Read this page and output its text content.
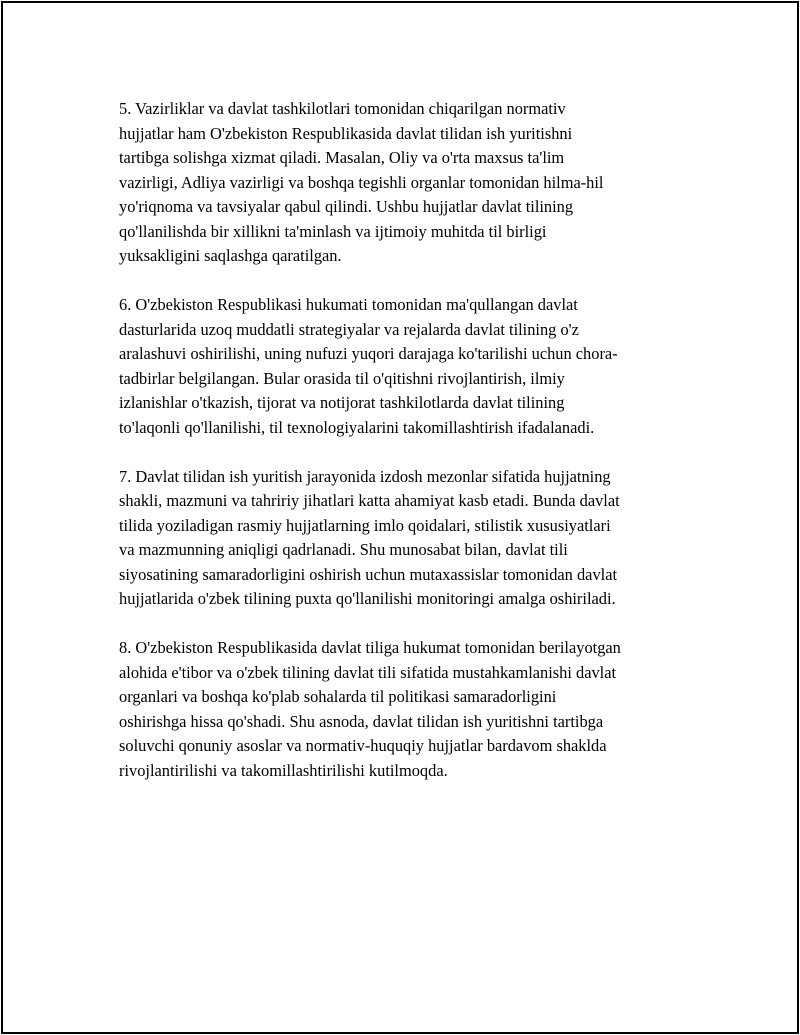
5. Vazirliklar va davlat tashkilotlari tomonidan chiqarilgan normativ
hujjatlar ham O'zbekiston Respublikasida davlat tilidan ish yuritishni
tartibga solishga xizmat qiladi. Masalan, Oliy va o'rta maxsus ta'lim
vazirligi, Adliya vazirligi va boshqa tegishli organlar tomonidan hilma-hil
yo'riqnoma va tavsiyalar qabul qilindi. Ushbu hujjatlar davlat tilining
qo'llanilishda bir xillikni ta'minlash va ijtimoiy muhitda til birligi
yuksakligini saqlashga qaratilgan.

6. O'zbekiston Respublikasi hukumati tomonidan ma'qullangan davlat
dasturlarida uzoq muddatli strategiyalar va rejalarda davlat tilining o'z
aralashuvi oshirilishi, uning nufuzi yuqori darajaga ko'tarilishi uchun chora-
tadbirlar belgilangan. Bular orasida til o'qitishni rivojlantirish, ilmiy
izlanishlar o'tkazish, tijorat va notijorat tashkilotlarda davlat tilining
to'laqonli qo'llanilishi, til texnologiyalarini takomillashtirish ifadalanadi.

7. Davlat tilidan ish yuritish jarayonida izdosh mezonlar sifatida hujjatning
shakli, mazmuni va tahririy jihatlari katta ahamiyat kasb etadi. Bunda davlat
tilida yoziladigan rasmiy hujjatlarning imlo qoidalari, stilistik xususiyatlari
va mazmunning aniqligi qadrlanadi. Shu munosabat bilan, davlat tili
siyosatining samaradorligini oshirish uchun mutaxassislar tomonidan davlat
hujjatlarida o'zbek tilining puxta qo'llanilishi monitoringi amalga oshiriladi.

8. O'zbekiston Respublikasida davlat tiliga hukumat tomonidan berilayotgan
alohida e'tibor va o'zbek tilining davlat tili sifatida mustahkamlanishi davlat
organlari va boshqa ko'plab sohalarda til politikasi samaradorligini
oshirishga hissa qo'shadi. Shu asnoda, davlat tilidan ish yuritishni tartibga
soluvchi qonuniy asoslar va normativ-huquqiy hujjatlar bardavom shaklda
rivojlantirilishi va takomillashtirilishi kutilmoqda.
